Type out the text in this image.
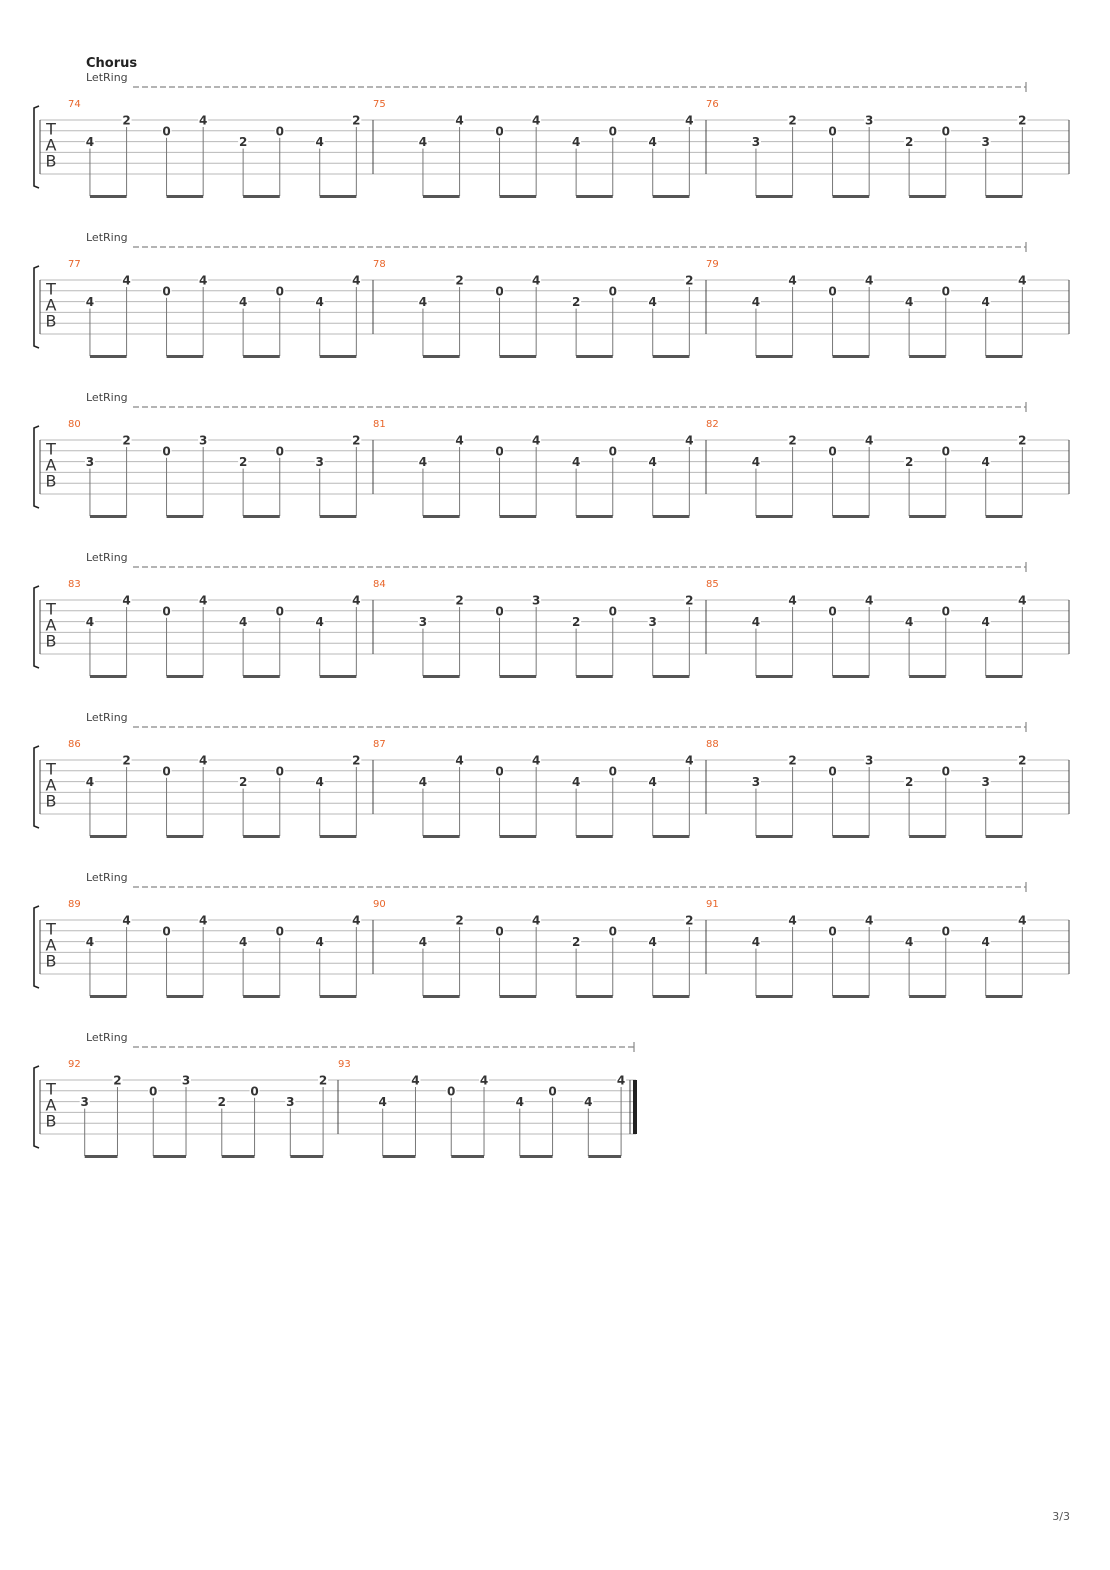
Chorus
LetRing
T
A
B
74
4
2
0
4
2
0
4
2
75
4
4
0
4
4
0
4
4
76
3
2
0
3
2
0
3
2
LetRing
T
A
B
77
4
4
0
4
4
0
4
4
78
4
2
0
4
2
0
4
2
79
4
4
0
4
4
0
4
4
LetRing
T
A
B
80
3
2
0
3
2
0
3
2
81
4
4
0
4
4
0
4
4
82
4
2
0
4
2
0
4
2
LetRing
T
A
B
83
4
4
0
4
4
0
4
4
84
3
2
0
3
2
0
3
2
85
4
4
0
4
4
0
4
4
LetRing
T
A
B
86
4
2
0
4
2
0
4
2
87
4
4
0
4
4
0
4
4
88
3
2
0
3
2
0
3
2
LetRing
T
A
B
89
4
4
0
4
4
0
4
4
90
4
2
0
4
2
0
4
2
91
4
4
0
4
4
0
4
4
LetRing
T
A
B
92
3
2
0
3
2
0
3
2
93
4
4
0
4
4
0
4
4
3/3
